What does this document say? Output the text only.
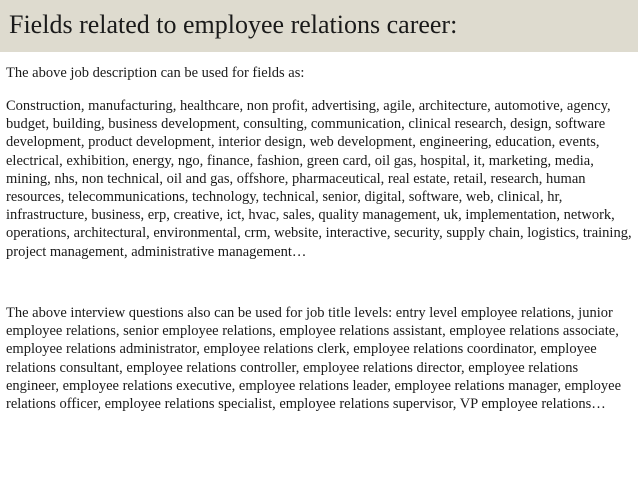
Fields related to employee relations career:

The above job description can be used for fields as:

Construction, manufacturing, healthcare, non profit, advertising, agile, architecture, automotive, agency, budget, building, business development, consulting, communication, clinical research, design, software development, product development, interior design, web development, engineering, education, events, electrical, exhibition, energy, ngo, finance, fashion, green card, oil gas, hospital, it, marketing, media, mining, nhs, non technical, oil and gas, offshore, pharmaceutical, real estate, retail, research, human resources, telecommunications, technology, technical, senior, digital, software, web, clinical, hr, infrastructure, business, erp, creative, ict, hvac, sales, quality management, uk, implementation, network, operations, architectural, environmental, crm, website, interactive, security, supply chain, logistics, training, project management, administrative management…

The above interview questions also can be used for job title levels: entry level employee relations, junior employee relations, senior employee relations, employee relations assistant, employee relations associate, employee relations administrator, employee relations clerk, employee relations coordinator, employee relations consultant, employee relations controller, employee relations director, employee relations engineer, employee relations executive, employee relations leader, employee relations manager, employee relations officer, employee relations specialist, employee relations supervisor, VP employee relations…
